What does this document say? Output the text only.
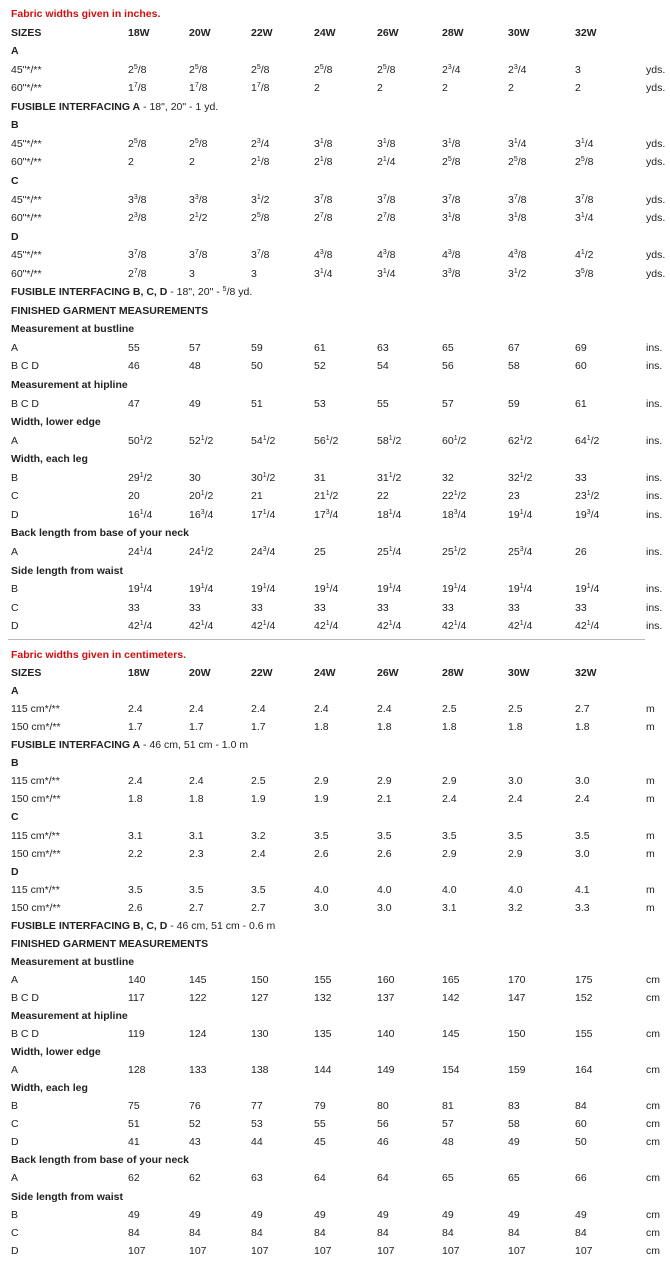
Fabric widths given in inches.
SIZES	18W	20W	22W	24W	26W	28W	30W	32W
A
45"*/**	$2^5/8$	$2^5/8$	$2^5/8$	$2^5/8$	$2^5/8$	$2^3/4$	$2^3/4$	3	yds.
60"*/**	$1^7/8$	$1^7/8$	$1^7/8$	2	2	2	2	2	yds.
FUSIBLE INTERFACING A - 18", 20" - 1 yd.
B
45"*/**	$2^5/8$	$2^5/8$	$2^3/4$	$3^1/8$	$3^1/8$	$3^1/8$	$3^1/4$	$3^1/4$	yds.
60"*/**	2	2	$2^1/8$	$2^1/8$	$2^1/4$	$2^5/8$	$2^5/8$	$2^5/8$	yds.
C
45"*/**	$3^3/8$	$3^3/8$	$3^1/2$	$3^7/8$	$3^7/8$	$3^7/8$	$3^7/8$	$3^7/8$	yds.
60"*/**	$2^3/8$	$2^1/2$	$2^5/8$	$2^7/8$	$2^7/8$	$3^1/8$	$3^1/8$	$3^1/4$	yds.
D
45"*/**	$3^7/8$	$3^7/8$	$3^7/8$	$4^3/8$	$4^3/8$	$4^3/8$	$4^3/8$	$4^1/2$	yds.
60"*/**	$2^7/8$	3	3	$3^1/4$	$3^1/4$	$3^3/8$	$3^1/2$	$3^5/8$	yds.
FUSIBLE INTERFACING B, C, D - 18", 20" - $^5$/8 yd.
FINISHED GARMENT MEASUREMENTS
Measurement at bustline
A	55	57	59	61	63	65	67	69	ins.
B C D	46	48	50	52	54	56	58	60	ins.
Measurement at hipline
B C D	47	49	51	53	55	57	59	61	ins.
Width, lower edge
A	$50^1/2$	$52^1/2$	$54^1/2$	$56^1/2$	$58^1/2$	$60^1/2$	$62^1/2$	$64^1/2$	ins.
Width, each leg
B	$29^1/2$	30	$30^1/2$	31	$31^1/2$	32	$32^1/2$	33	ins.
C	20	$20^1/2$	21	$21^1/2$	22	$22^1/2$	23	$23^1/2$	ins.
D	$16^1/4$	$16^3/4$	$17^1/4$	$17^3/4$	$18^1/4$	$18^3/4$	$19^1/4$	$19^3/4$	ins.
Back length from base of your neck
A	$24^1/4$	$24^1/2$	$24^3/4$	25	$25^1/4$	$25^1/2$	$25^3/4$	26	ins.
Side length from waist
B	$19^1/4$	$19^1/4$	$19^1/4$	$19^1/4$	$19^1/4$	$19^1/4$	$19^1/4$	$19^1/4$	ins.
C	33	33	33	33	33	33	33	33	ins.
D	$42^1/4$	$42^1/4$	$42^1/4$	$42^1/4$	$42^1/4$	$42^1/4$	$42^1/4$	$42^1/4$	ins.
Fabric widths given in centimeters.
SIZES	18W	20W	22W	24W	26W	28W	30W	32W
A
115 cm*/**	2.4	2.4	2.4	2.4	2.4	2.5	2.5	2.7	m
150 cm*/**	1.7	1.7	1.7	1.8	1.8	1.8	1.8	1.8	m
FUSIBLE INTERFACING A - 46 cm, 51 cm - 1.0 m
B
115 cm*/**	2.4	2.4	2.5	2.9	2.9	2.9	3.0	3.0	m
150 cm*/**	1.8	1.8	1.9	1.9	2.1	2.4	2.4	2.4	m
C
115 cm*/**	3.1	3.1	3.2	3.5	3.5	3.5	3.5	3.5	m
150 cm*/**	2.2	2.3	2.4	2.6	2.6	2.9	2.9	3.0	m
D
115 cm*/**	3.5	3.5	3.5	4.0	4.0	4.0	4.0	4.1	m
150 cm*/**	2.6	2.7	2.7	3.0	3.0	3.1	3.2	3.3	m
FUSIBLE INTERFACING B, C, D - 46 cm, 51 cm - 0.6 m
FINISHED GARMENT MEASUREMENTS
Measurement at bustline
A	140	145	150	155	160	165	170	175	cm
B C D	117	122	127	132	137	142	147	152	cm
Measurement at hipline
B C D	119	124	130	135	140	145	150	155	cm
Width, lower edge
A	128	133	138	144	149	154	159	164	cm
Width, each leg
B	75	76	77	79	80	81	83	84	cm
C	51	52	53	55	56	57	58	60	cm
D	41	43	44	45	46	48	49	50	cm
Back length from base of your neck
A	62	62	63	64	64	65	65	66	cm
Side length from waist
B	49	49	49	49	49	49	49	49	cm
C	84	84	84	84	84	84	84	84	cm
D	107	107	107	107	107	107	107	107	cm
